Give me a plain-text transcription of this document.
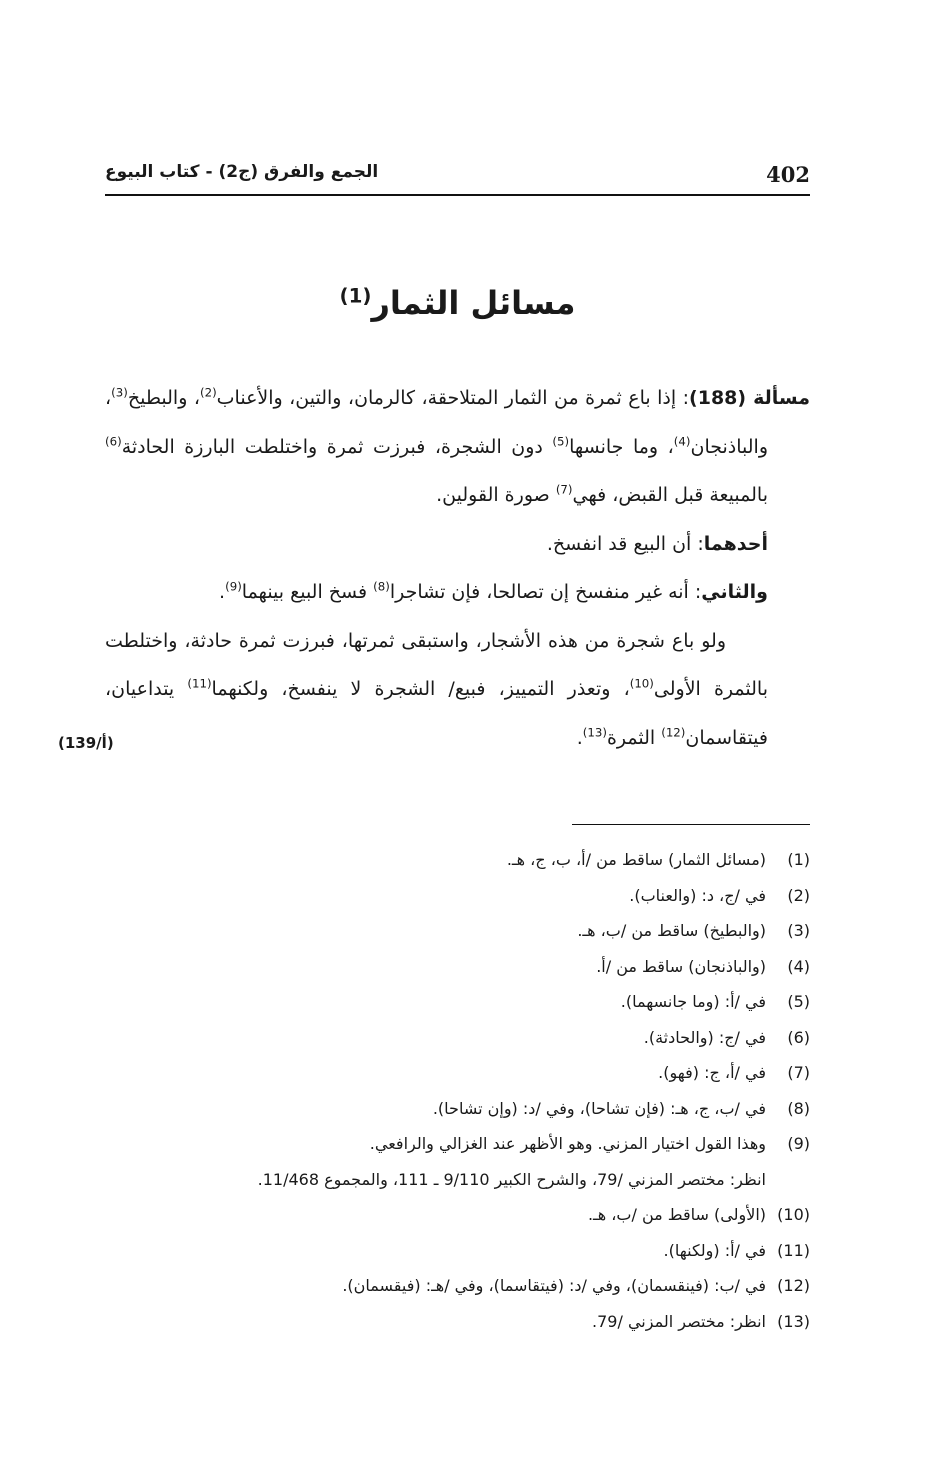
402
الجمع والفرق (ج2) - كتاب البيوع
مسائل الثمار$^{(1)}$

مسألة (188): إذا باع ثمرة من الثمار المتلاحقة، كالرمان، والتين، والأعناب$^{(2)}$، والبطيخ$^{(3)}$، والباذنجان$^{(4)}$، وما جانسها$^{(5)}$ دون الشجرة، فبرزت ثمرة واختلطت البارزة الحادثة$^{(6)}$ بالمبيعة قبل القبض، فهي$^{(7)}$ صورة القولين.

أحدهما: أن البيع قد انفسخ.

والثاني: أنه غير منفسخ إن تصالحا، فإن تشاجرا$^{(8)}$ فسخ البيع بينهما$^{(9)}$.

ولو باع شجرة من هذه الأشجار، واستبقى ثمرتها، فبرزت ثمرة حادثة، واختلطت بالثمرة الأولى$^{(10)}$، وتعذر التمييز، فبيع/ الشجرة لا ينفسخ، ولكنهما$^{(11)}$ يتداعيان، فيتقاسمان$^{(12)}$ الثمرة$^{(13)}$.

(139/أ)
(1)
(مسائل الثمار) ساقط من /أ، ب، ج، هـ.
(2)
في /ج، د: (والعناب).
(3)
(والبطيخ) ساقط من /ب، هـ.
(4)
(والباذنجان) ساقط من /أ.
(5)
في /أ: (وما جانسهما).
(6)
في /ج: (والحادثة).
(7)
في /أ، ج: (فهو).
(8)
في /ب، ج، هـ: (فإن تشاحا)، وفي /د: (وإن تشاحا).
(9)
وهذا القول اختيار المزني. وهو الأظهر عند الغزالي والرافعي.
انظر: مختصر المزني /79، والشرح الكبير 9/110 ـ 111، والمجموع 11/468.
(10)
(الأولى) ساقط من /ب، هـ.
(11)
في /أ: (ولكنها).
(12)
في /ب: (فينقسمان)، وفي /د: (فيتقاسما)، وفي /هـ: (فيقسمان).
(13)
انظر: مختصر المزني /79.
